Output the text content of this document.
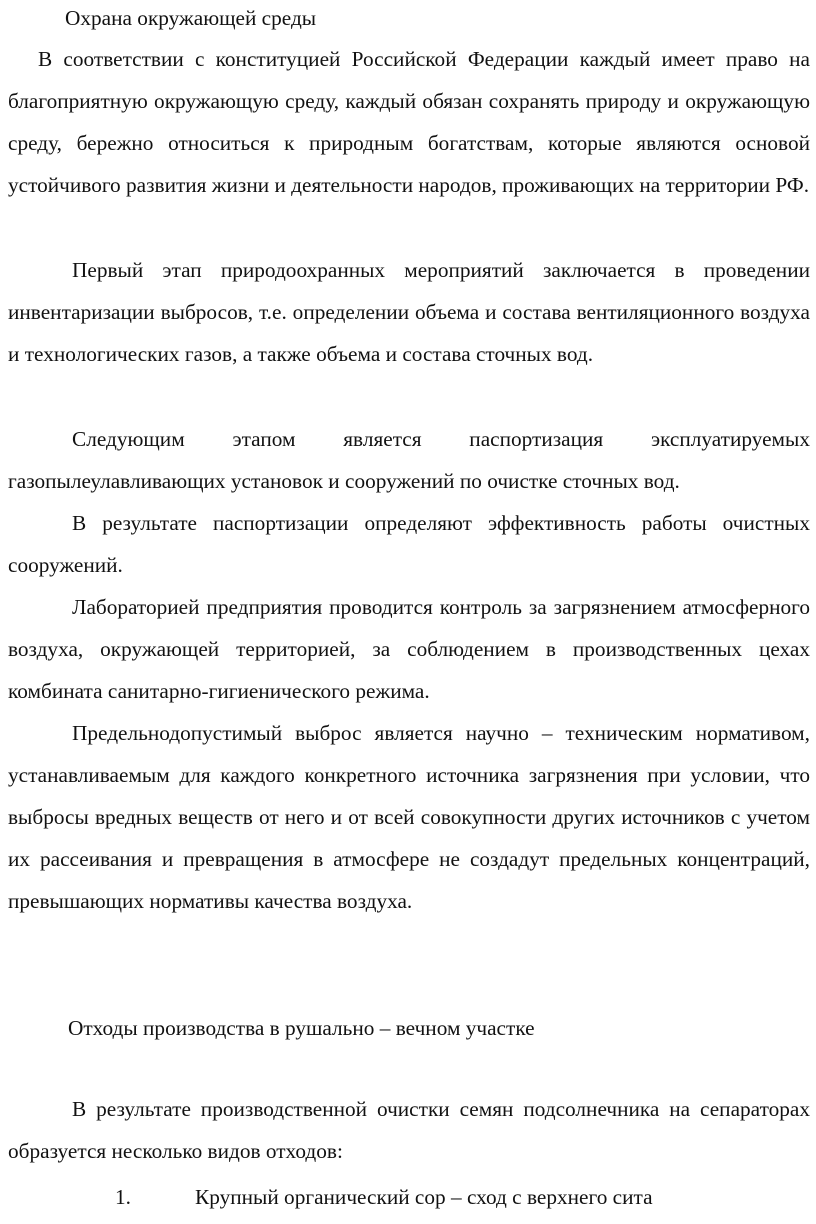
Охрана окружающей среды

В соответствии с конституцией Российской Федерации каждый имеет право на благоприятную окружающую среду, каждый обязан сохранять природу и окружающую среду, бережно относиться к природным богатствам, которые являются основой устойчивого развития жизни и деятельности народов, проживающих на территории РФ.

Первый этап природоохранных мероприятий заключается в проведении инвентаризации выбросов, т.е. определении объема и состава вентиляционного воздуха и технологических газов, а также объема и состава сточных вод.

Следующим этапом является паспортизация эксплуатируемых газопылеулавливающих установок и сооружений по очистке сточных вод.

В результате паспортизации определяют эффективность работы очистных сооружений.

Лабораторией предприятия проводится контроль за загрязнением атмосферного воздуха, окружающей территорией, за соблюдением в производственных цехах комбината санитарно-гигиенического режима.

Предельнодопустимый выброс является научно – техническим нормативом, устанавливаемым для каждого конкретного источника загрязнения при условии, что выбросы вредных веществ от него и от всей совокупности других источников с учетом их рассеивания и превращения в атмосфере не создадут предельных концентраций, превышающих нормативы качества воздуха.

Отходы производства в рушально – вечном участке

В результате производственной очистки семян подсолнечника на сепараторах образуется несколько видов отходов:

1.	Крупный органический сор – сход с верхнего сита
